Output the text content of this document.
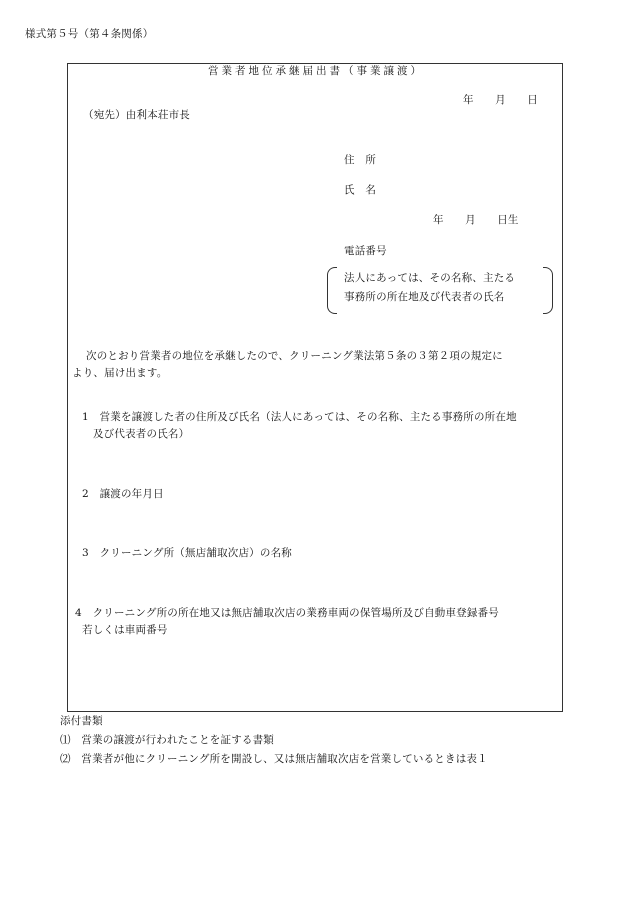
様式第５号（第４条関係）
営業者地位承継届出書（事業譲渡）
年　　月　　日
（宛先）由利本荘市長
住　所
氏　名
年　　月　　日生
電話番号
法人にあっては、その名称、主たる
事務所の所在地及び代表者の氏名
次のとおり営業者の地位を承継したので、クリーニング業法第５条の３第２項の規定に
より、届け出ます。
1　営業を譲渡した者の住所及び氏名（法人にあっては、その名称、主たる事務所の所在地
及び代表者の氏名）
2　譲渡の年月日
3　クリーニング所（無店舗取次店）の名称
4　クリーニング所の所在地又は無店舗取次店の業務車両の保管場所及び自動車登録番号
若しくは車両番号
添付書類
⑴　営業の譲渡が行われたことを証する書類
⑵　営業者が他にクリーニング所を開設し、又は無店舗取次店を営業しているときは表１
